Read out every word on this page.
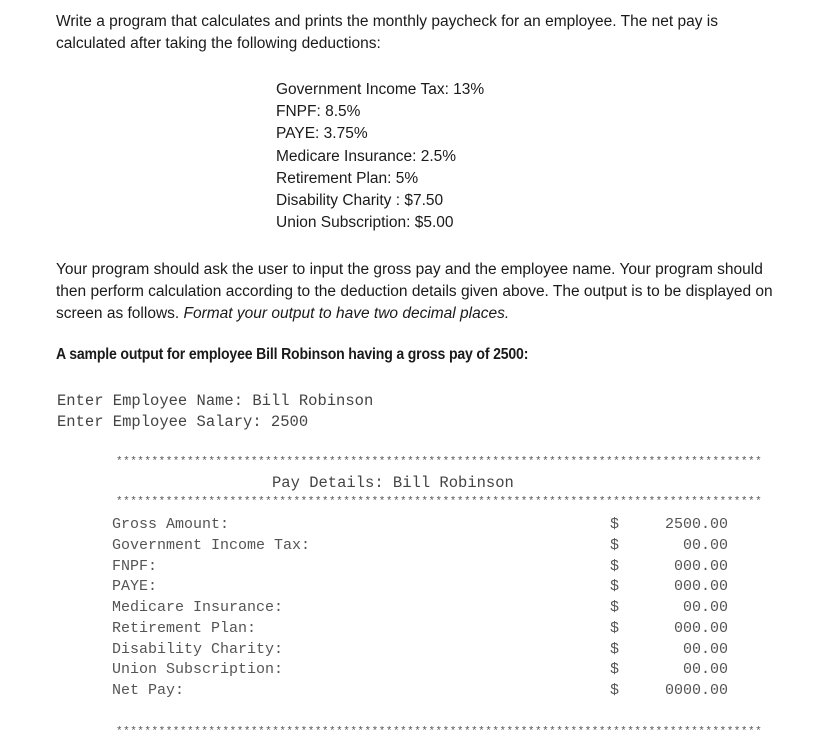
Write a program that calculates and prints the monthly paycheck for an employee. The net pay is calculated after taking the following deductions:
Government Income Tax: 13%
FNPF: 8.5%
PAYE: 3.75%
Medicare Insurance: 2.5%
Retirement Plan: 5%
Disability Charity : $7.50
Union Subscription: $5.00
Your program should ask the user to input the gross pay and the employee name. Your program should then perform calculation according to the deduction details given above. The output is to be displayed on screen as follows. Format your output to have two decimal places.
A sample output for employee Bill Robinson having a gross pay of 2500:
Enter Employee Name: Bill Robinson
Enter Employee Salary: 2500
*******************************************************************************************
Pay Details: Bill Robinson
*******************************************************************************************
Gross Amount:	$	2500.00
Government Income Tax:	$	00.00
FNPF:	$	000.00
PAYE:	$	000.00
Medicare Insurance:	$	00.00
Retirement Plan:	$	000.00
Disability Charity:	$	00.00
Union Subscription:	$	00.00
Net Pay:	$	0000.00
*******************************************************************************************
